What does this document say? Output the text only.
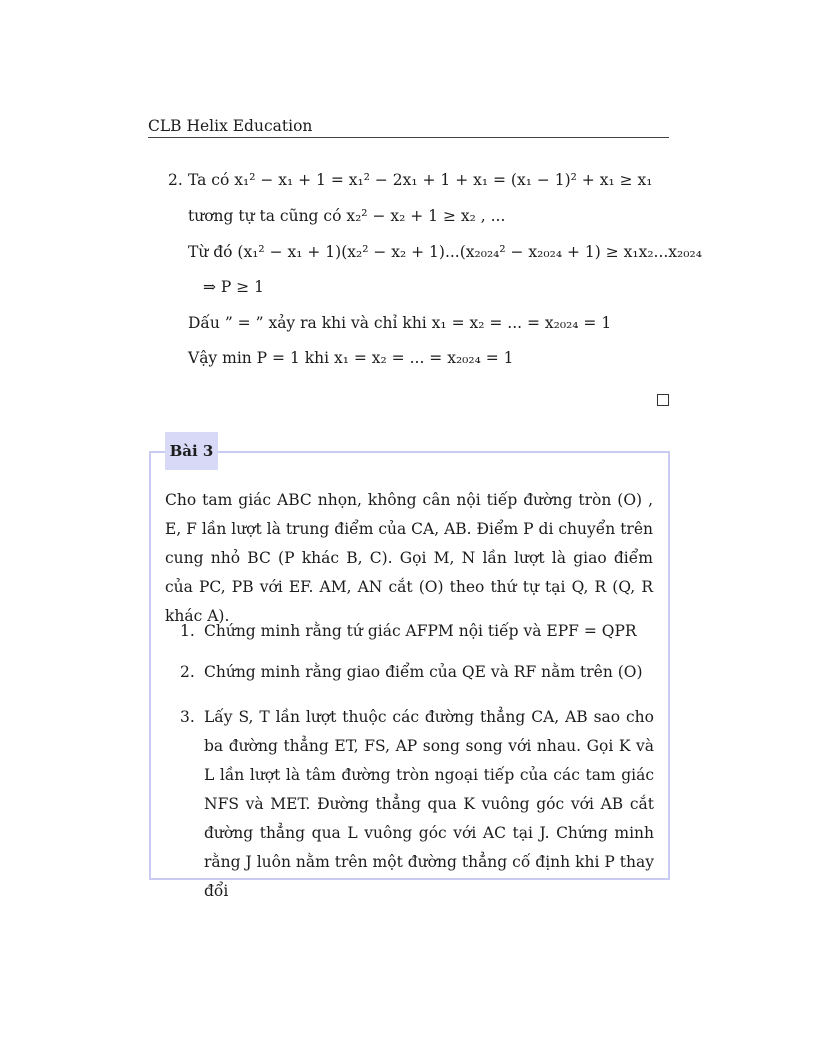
CLB Helix Education
2. Ta có x₁² − x₁ + 1 = x₁² − 2x₁ + 1 + x₁ = (x₁ − 1)² + x₁ ≥ x₁
tương tự ta cũng có x₂² − x₂ + 1 ≥ x₂ , ...
Từ đó (x₁² − x₁ + 1)(x₂² − x₂ + 1)...(x₂₀₂₄² − x₂₀₂₄ + 1) ≥ x₁x₂...x₂₀₂₄
⇒ P ≥ 1
Dấu ” = ” xảy ra khi và chỉ khi x₁ = x₂ = ... = x₂₀₂₄ = 1
Vậy min P = 1 khi x₁ = x₂ = ... = x₂₀₂₄ = 1
Bài 3
Cho tam giác ABC nhọn, không cân nội tiếp đường tròn (O) , E, F lần lượt là trung điểm của CA, AB. Điểm P di chuyển trên cung nhỏ BC (P khác B, C). Gọi M, N lần lượt là giao điểm của PC, PB với EF. AM, AN cắt (O) theo thứ tự tại Q, R (Q, R khác A).
1. Chứng minh rằng tứ giác AFPM nội tiếp và EPF = QPR
2. Chứng minh rằng giao điểm của QE và RF nằm trên (O)
3. Lấy S, T lần lượt thuộc các đường thẳng CA, AB sao cho ba đường thẳng ET, FS, AP song song với nhau. Gọi K và L lần lượt là tâm đường tròn ngoại tiếp của các tam giác NFS và MET. Đường thẳng qua K vuông góc với AB cắt đường thẳng qua L vuông góc với AC tại J. Chứng minh rằng J luôn nằm trên một đường thẳng cố định khi P thay đổi
